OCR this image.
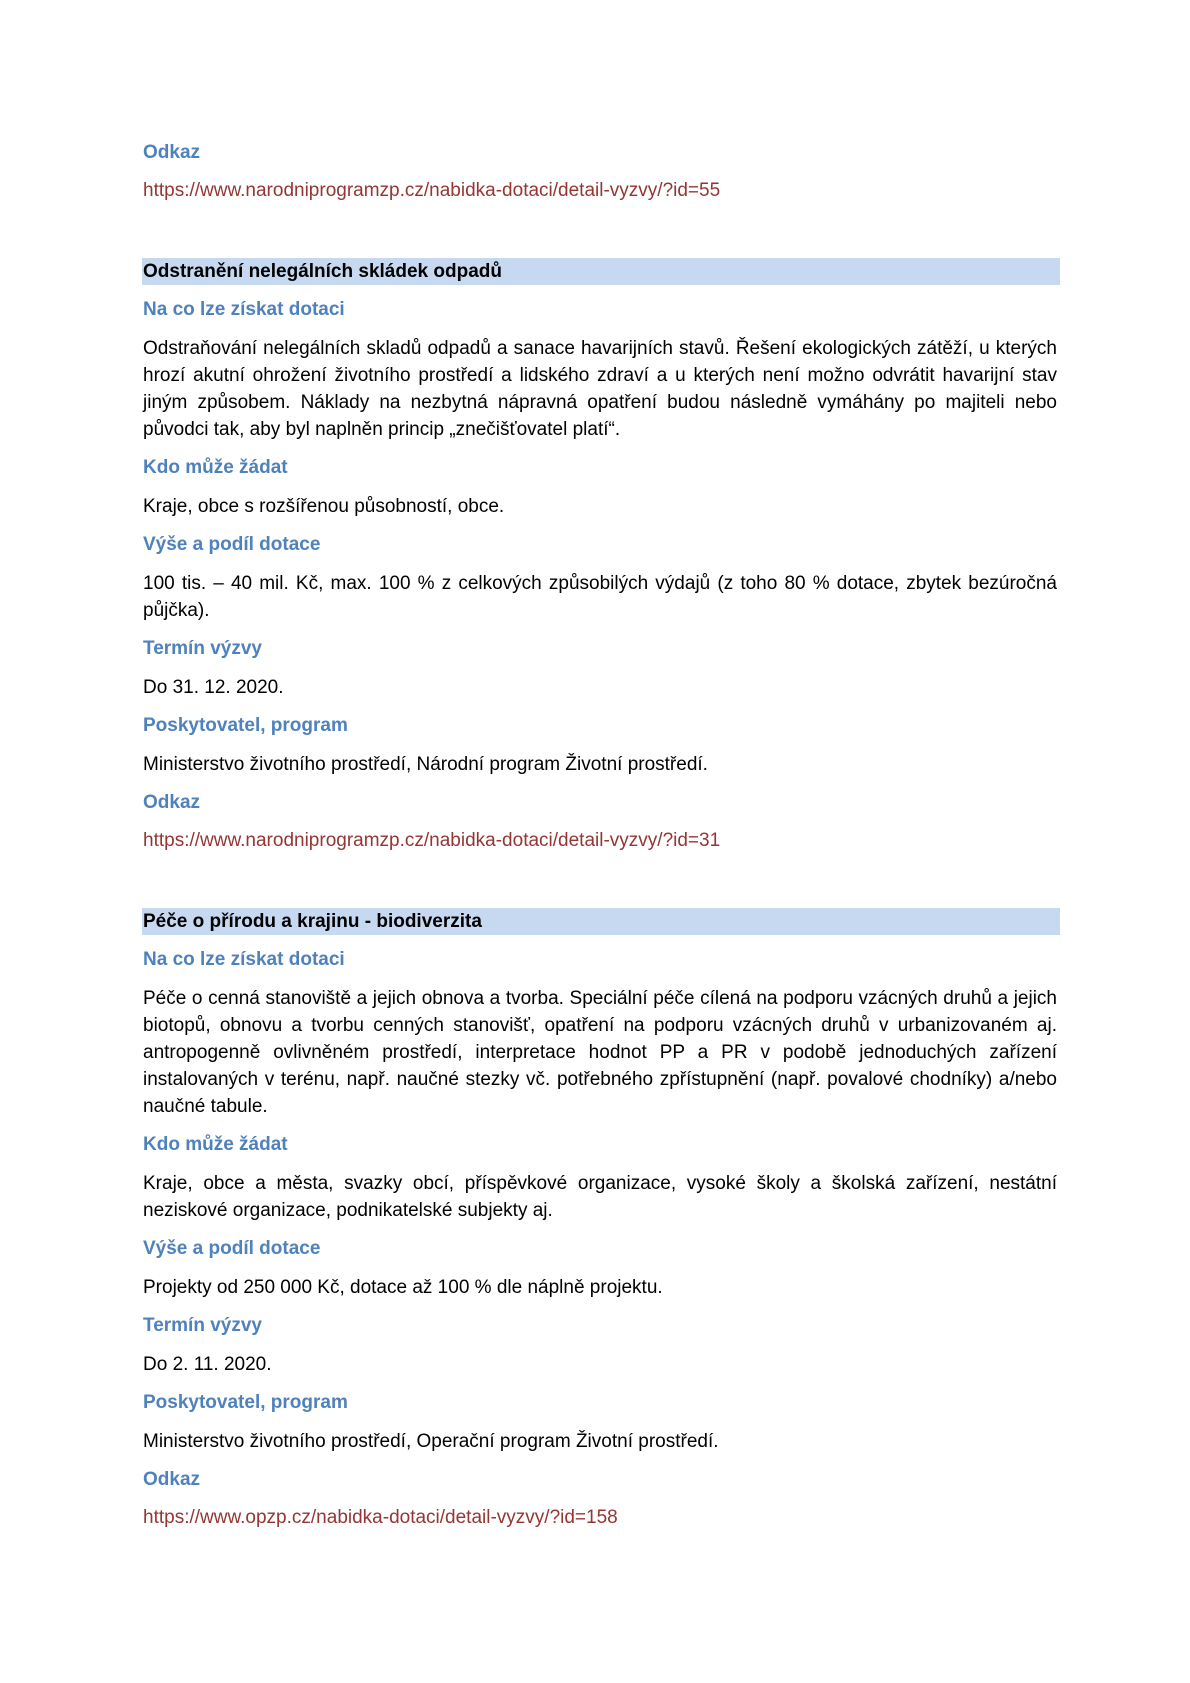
Odkaz
https://www.narodniprogramzp.cz/nabidka-dotaci/detail-vyzvy/?id=55
Odstranění nelegálních skládek odpadů
Na co lze získat dotaci
Odstraňování nelegálních skladů odpadů a sanace havarijních stavů. Řešení ekologických zátěží, u kterých hrozí akutní ohrožení životního prostředí a lidského zdraví a u kterých není možno odvrátit havarijní stav jiným způsobem. Náklady na nezbytná nápravná opatření budou následně vymáhány po majiteli nebo původci tak, aby byl naplněn princip „znečišťovatel platí“.
Kdo může žádat
Kraje, obce s rozšířenou působností, obce.
Výše a podíl dotace
100 tis. – 40 mil. Kč, max. 100 % z celkových způsobilých výdajů (z toho 80 % dotace, zbytek bezúročná půjčka).
Termín výzvy
Do 31. 12. 2020.
Poskytovatel, program
Ministerstvo životního prostředí, Národní program Životní prostředí.
Odkaz
https://www.narodniprogramzp.cz/nabidka-dotaci/detail-vyzvy/?id=31
Péče o přírodu a krajinu - biodiverzita
Na co lze získat dotaci
Péče o cenná stanoviště a jejich obnova a tvorba. Speciální péče cílená na podporu vzácných druhů a jejich biotopů, obnovu a tvorbu cenných stanovišť, opatření na podporu vzácných druhů v urbanizovaném aj. antropogenně ovlivněném prostředí, interpretace hodnot PP a PR v podobě jednoduchých zařízení instalovaných v terénu, např. naučné stezky vč. potřebného zpřístupnění (např. povalové chodníky) a/nebo naučné tabule.
Kdo může žádat
Kraje, obce a města, svazky obcí, příspěvkové organizace, vysoké školy a školská zařízení, nestátní neziskové organizace, podnikatelské subjekty aj.
Výše a podíl dotace
Projekty od 250 000 Kč, dotace až 100 % dle náplně projektu.
Termín výzvy
Do 2. 11. 2020.
Poskytovatel, program
Ministerstvo životního prostředí, Operační program Životní prostředí.
Odkaz
https://www.opzp.cz/nabidka-dotaci/detail-vyzvy/?id=158
